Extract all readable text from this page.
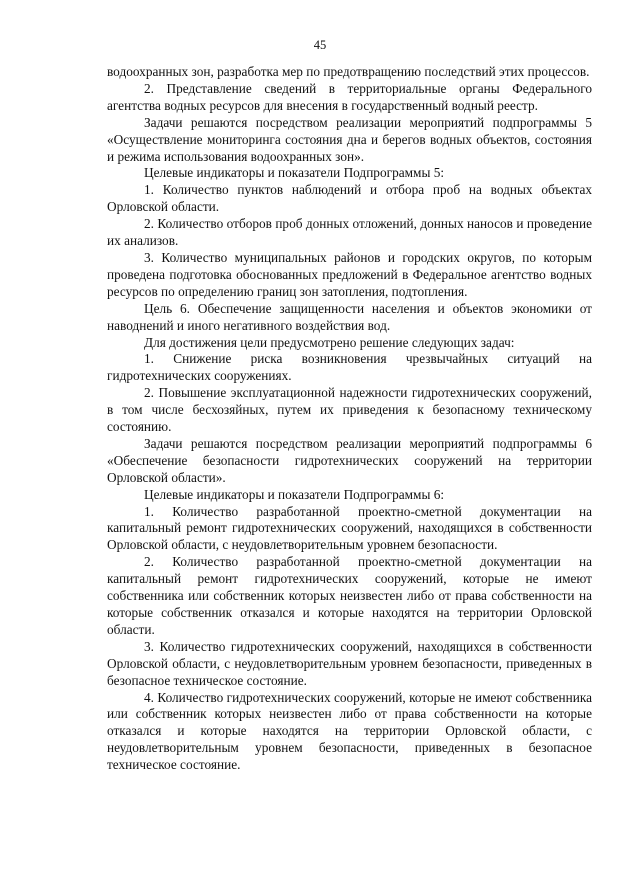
45

водоохранных зон, разработка мер по предотвращению последствий этих процессов.

2. Представление сведений в территориальные органы Федерального агентства водных ресурсов для внесения в государственный водный реестр.

Задачи решаются посредством реализации мероприятий подпрограммы 5 «Осуществление мониторинга состояния дна и берегов водных объектов, состояния и режима использования водоохранных зон».

Целевые индикаторы и показатели Подпрограммы 5:

1. Количество пунктов наблюдений и отбора проб на водных объектах Орловской области.

2. Количество отборов проб донных отложений, донных наносов и проведение их анализов.

3. Количество муниципальных районов и городских округов, по которым проведена подготовка обоснованных предложений в Федеральное агентство водных ресурсов по определению границ зон затопления, подтопления.

Цель 6. Обеспечение защищенности населения и объектов экономики от наводнений и иного негативного воздействия вод.

Для достижения цели предусмотрено решение следующих задач:

1. Снижение риска возникновения чрезвычайных ситуаций на гидротехнических сооружениях.

2. Повышение эксплуатационной надежности гидротехнических сооружений, в том числе бесхозяйных, путем их приведения к безопасному техническому состоянию.

Задачи решаются посредством реализации мероприятий подпрограммы 6 «Обеспечение безопасности гидротехнических сооружений на территории Орловской области».

Целевые индикаторы и показатели Подпрограммы 6:

1. Количество разработанной проектно-сметной документации на капитальный ремонт гидротехнических сооружений, находящихся в собственности Орловской области, с неудовлетворительным уровнем безопасности.

2. Количество разработанной проектно-сметной документации на капитальный ремонт гидротехнических сооружений, которые не имеют собственника или собственник которых неизвестен либо от права собственности на которые собственник отказался и которые находятся на территории Орловской области.

3. Количество гидротехнических сооружений, находящихся в собственности Орловской области, с неудовлетворительным уровнем безопасности, приведенных в безопасное техническое состояние.

4. Количество гидротехнических сооружений, которые не имеют собственника или собственник которых неизвестен либо от права собственности на которые отказался и которые находятся на территории Орловской области, с неудовлетворительным уровнем безопасности, приведенных в безопасное техническое состояние.
